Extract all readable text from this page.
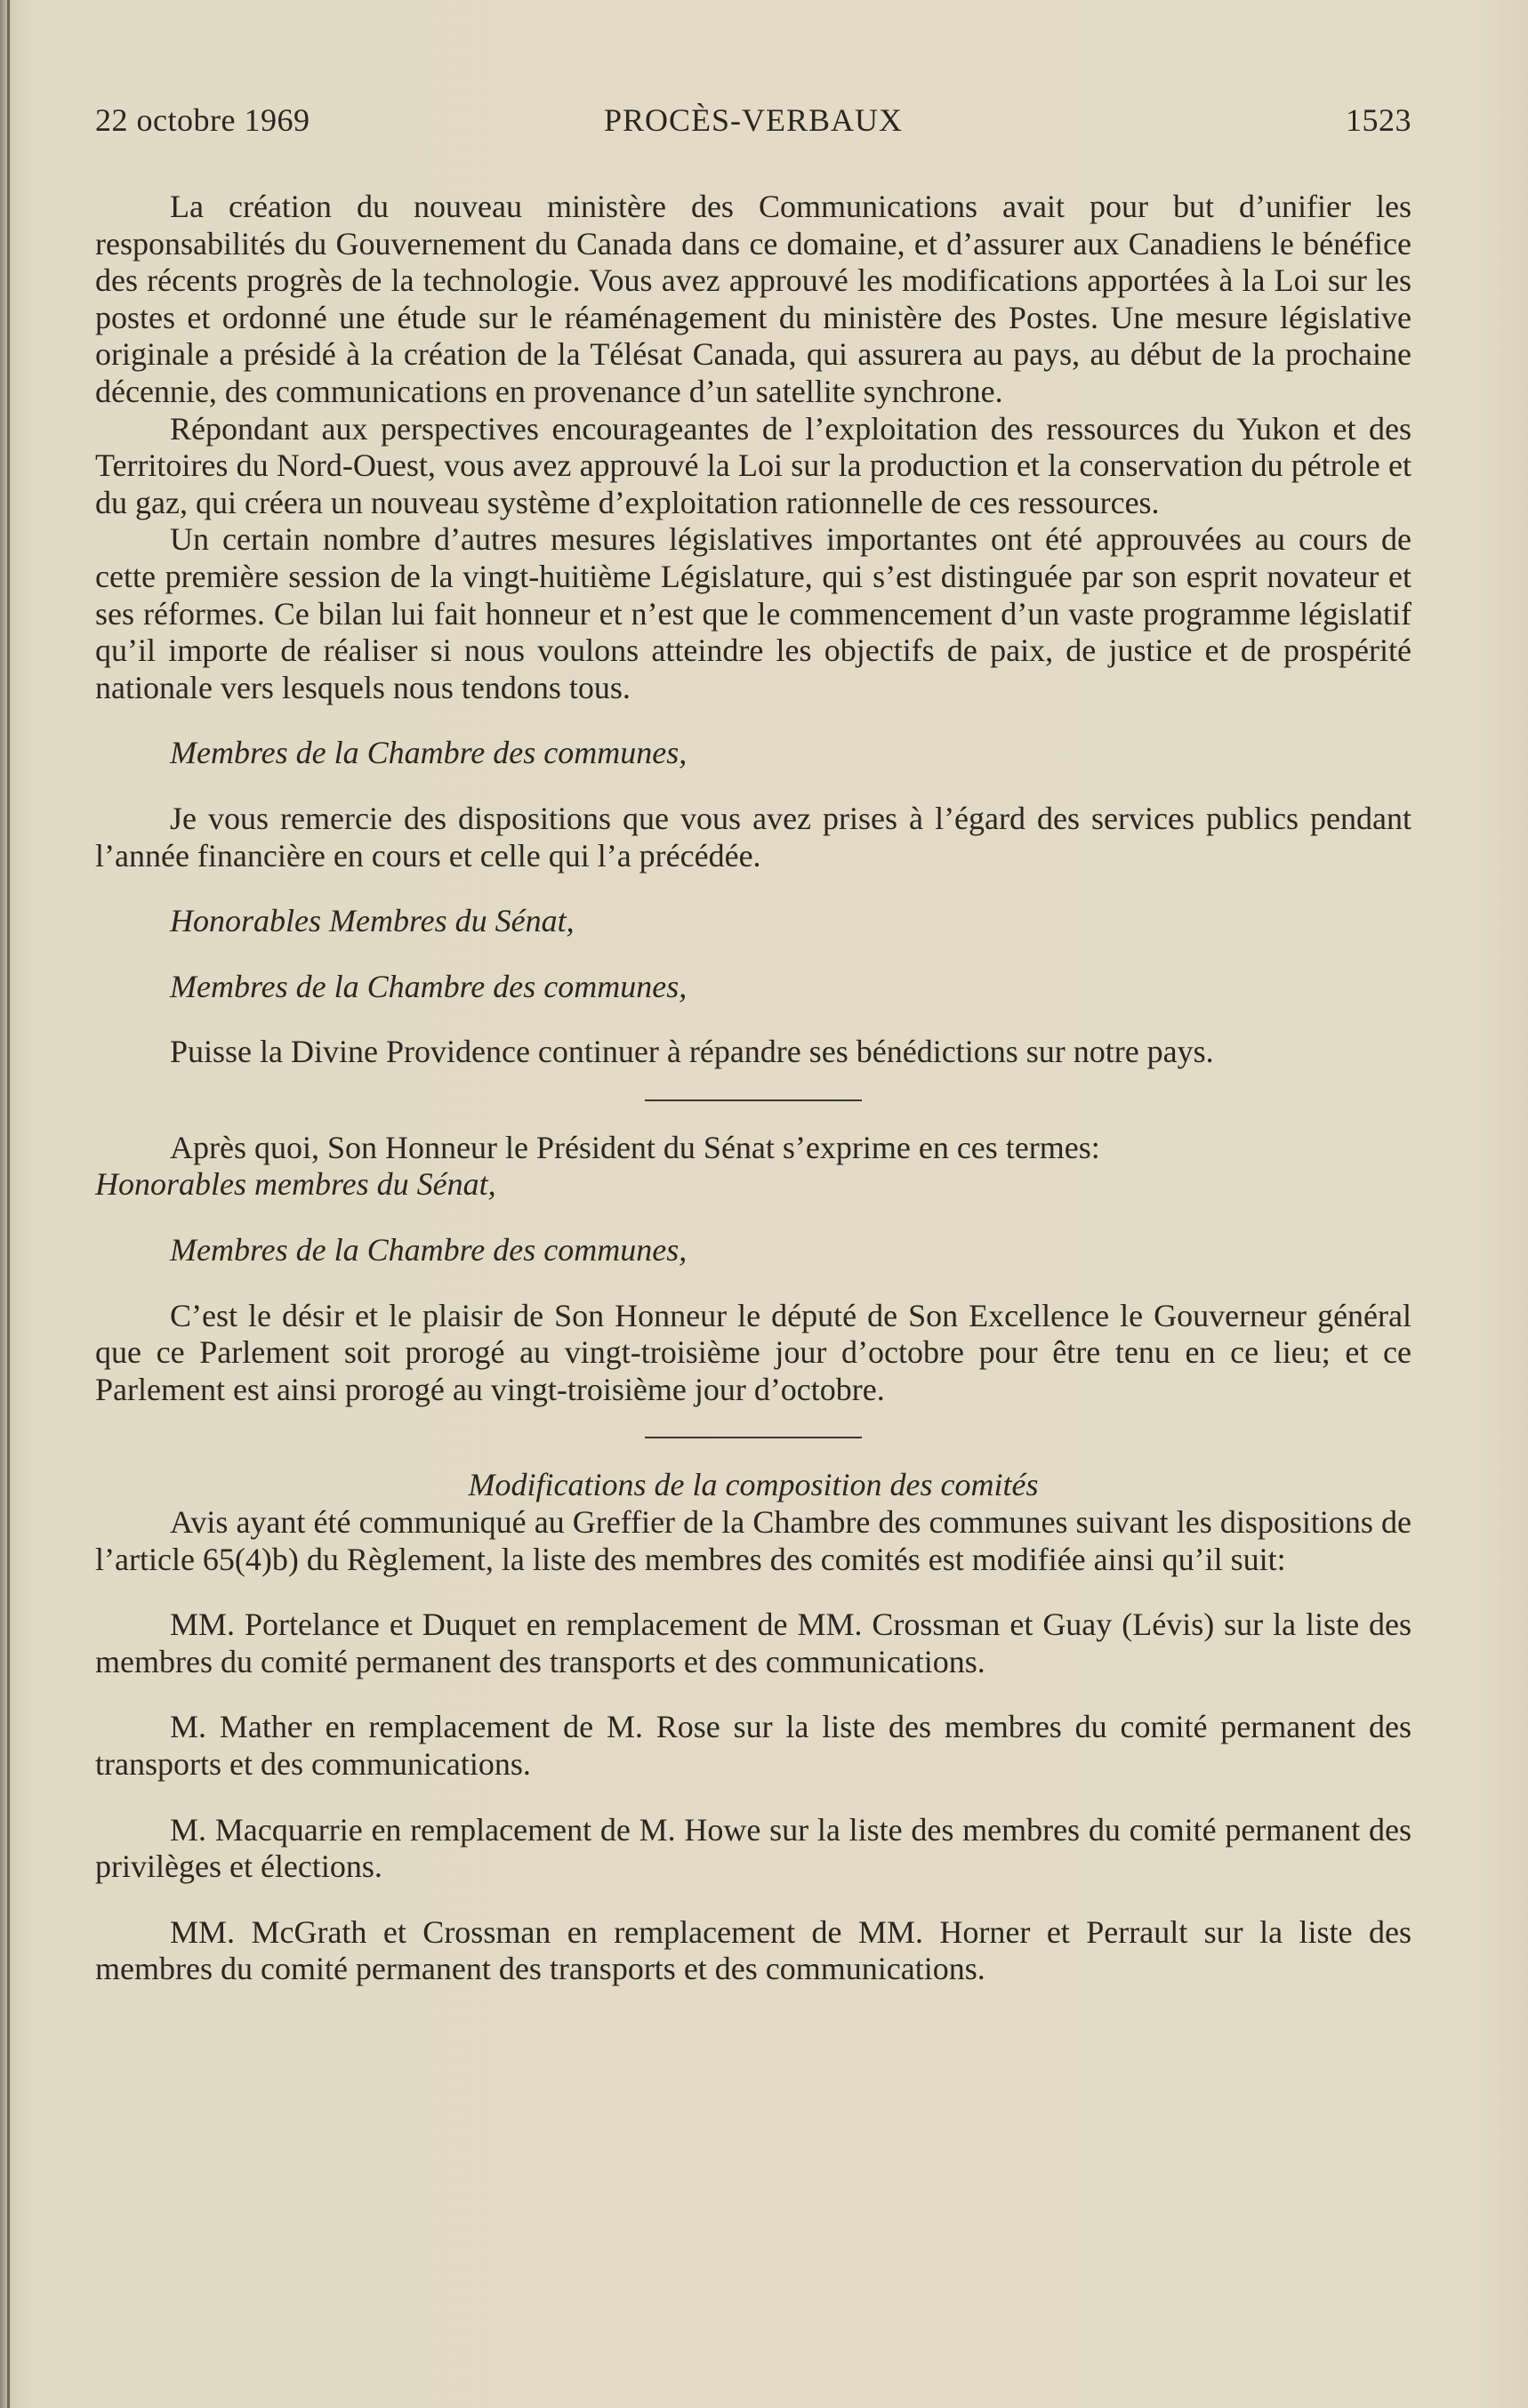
22 octobre 1969	PROCÈS-VERBAUX	1523

La création du nouveau ministère des Communications avait pour but d’unifier les responsabilités du Gouvernement du Canada dans ce domaine, et d’assurer aux Canadiens le bénéfice des récents progrès de la technologie. Vous avez approuvé les modifications apportées à la Loi sur les postes et ordonné une étude sur le réaménagement du ministère des Postes. Une mesure législative originale a présidé à la création de la Télésat Canada, qui assurera au pays, au début de la prochaine décennie, des communications en provenance d’un satellite synchrone.

Répondant aux perspectives encourageantes de l’exploitation des ressources du Yukon et des Territoires du Nord-Ouest, vous avez approuvé la Loi sur la production et la conservation du pétrole et du gaz, qui créera un nouveau système d’exploitation rationnelle de ces ressources.

Un certain nombre d’autres mesures législatives importantes ont été approuvées au cours de cette première session de la vingt-huitième Législature, qui s’est distinguée par son esprit novateur et ses réformes. Ce bilan lui fait honneur et n’est que le commencement d’un vaste programme législatif qu’il importe de réaliser si nous voulons atteindre les objectifs de paix, de justice et de prospérité nationale vers lesquels nous tendons tous.

Membres de la Chambre des communes,

Je vous remercie des dispositions que vous avez prises à l’égard des services publics pendant l’année financière en cours et celle qui l’a précédée.

Honorables Membres du Sénat,

Membres de la Chambre des communes,

Puisse la Divine Providence continuer à répandre ses bénédictions sur notre pays.

Après quoi, Son Honneur le Président du Sénat s’exprime en ces termes:

Honorables membres du Sénat,

Membres de la Chambre des communes,

C’est le désir et le plaisir de Son Honneur le député de Son Excellence le Gouverneur général que ce Parlement soit prorogé au vingt-troisième jour d’octobre pour être tenu en ce lieu; et ce Parlement est ainsi prorogé au vingt-troisième jour d’octobre.

Modifications de la composition des comités

Avis ayant été communiqué au Greffier de la Chambre des communes suivant les dispositions de l’article 65(4)b) du Règlement, la liste des membres des comités est modifiée ainsi qu’il suit:

MM. Portelance et Duquet en remplacement de MM. Crossman et Guay (Lévis) sur la liste des membres du comité permanent des transports et des communications.

M. Mather en remplacement de M. Rose sur la liste des membres du comité permanent des transports et des communications.

M. Macquarrie en remplacement de M. Howe sur la liste des membres du comité permanent des privilèges et élections.

MM. McGrath et Crossman en remplacement de MM. Horner et Perrault sur la liste des membres du comité permanent des transports et des communications.
